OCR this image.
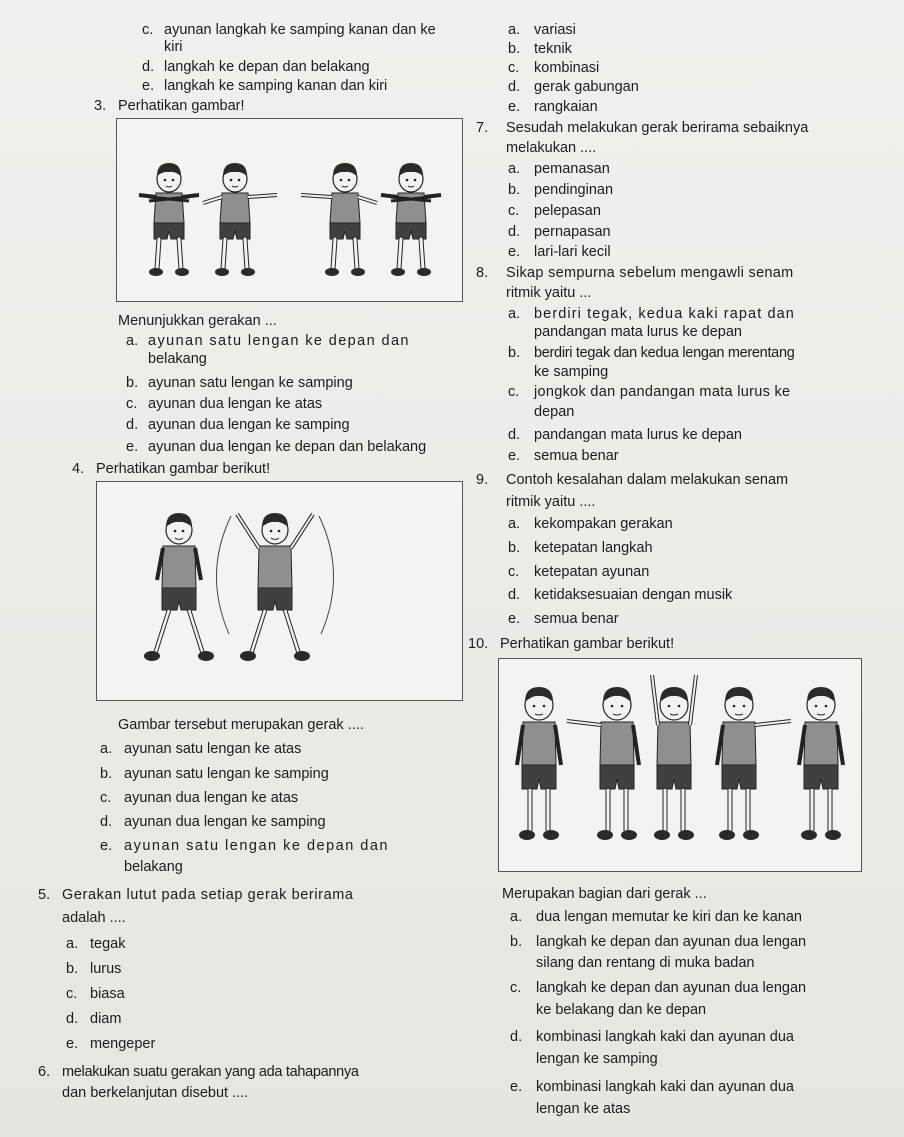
c. ayunan langkah ke samping kanan dan ke
kiri
d. langkah ke depan dan belakang
e. langkah ke samping kanan dan kiri
3. Perhatikan gambar!
Menunjukkan gerakan ...
a. ayunan satu lengan ke depan dan
belakang
b. ayunan satu lengan ke samping
c. ayunan dua lengan ke atas
d. ayunan dua lengan ke samping
e. ayunan dua lengan ke depan dan belakang
4. Perhatikan gambar berikut!
Gambar tersebut merupakan gerak ....
a. ayunan satu lengan ke atas
b. ayunan satu lengan ke samping
c. ayunan dua lengan ke atas
d. ayunan dua lengan ke samping
e. ayunan satu lengan ke depan dan
belakang
5. Gerakan lutut pada setiap gerak berirama
adalah ....
a. tegak
b. lurus
c. biasa
d. diam
e. mengeper
6. melakukan suatu gerakan yang ada tahapannya
dan berkelanjutan disebut ....
a. variasi
b. teknik
c. kombinasi
d. gerak gabungan
e. rangkaian
7. Sesudah melakukan gerak berirama sebaiknya
melakukan ....
a. pemanasan
b. pendinginan
c. pelepasan
d. pernapasan
e. lari-lari kecil
8. Sikap sempurna sebelum mengawli senam
ritmik yaitu ...
a. berdiri tegak, kedua kaki rapat dan
pandangan mata lurus ke depan
b. berdiri tegak dan kedua lengan merentang
ke samping
c. jongkok dan pandangan mata lurus ke
depan
d. pandangan mata lurus ke depan
e. semua benar
9. Contoh kesalahan dalam melakukan senam
ritmik yaitu ....
a. kekompakan gerakan
b. ketepatan langkah
c. ketepatan ayunan
d. ketidaksesuaian dengan musik
e. semua benar
10. Perhatikan gambar berikut!
Merupakan bagian dari gerak ...
a. dua lengan memutar ke kiri dan ke kanan
b. langkah ke depan dan ayunan dua lengan
silang dan rentang di muka badan
c. langkah ke depan dan ayunan dua lengan
ke belakang dan ke depan
d. kombinasi langkah kaki dan ayunan dua
lengan ke samping
e. kombinasi langkah kaki dan ayunan dua
lengan ke atas
